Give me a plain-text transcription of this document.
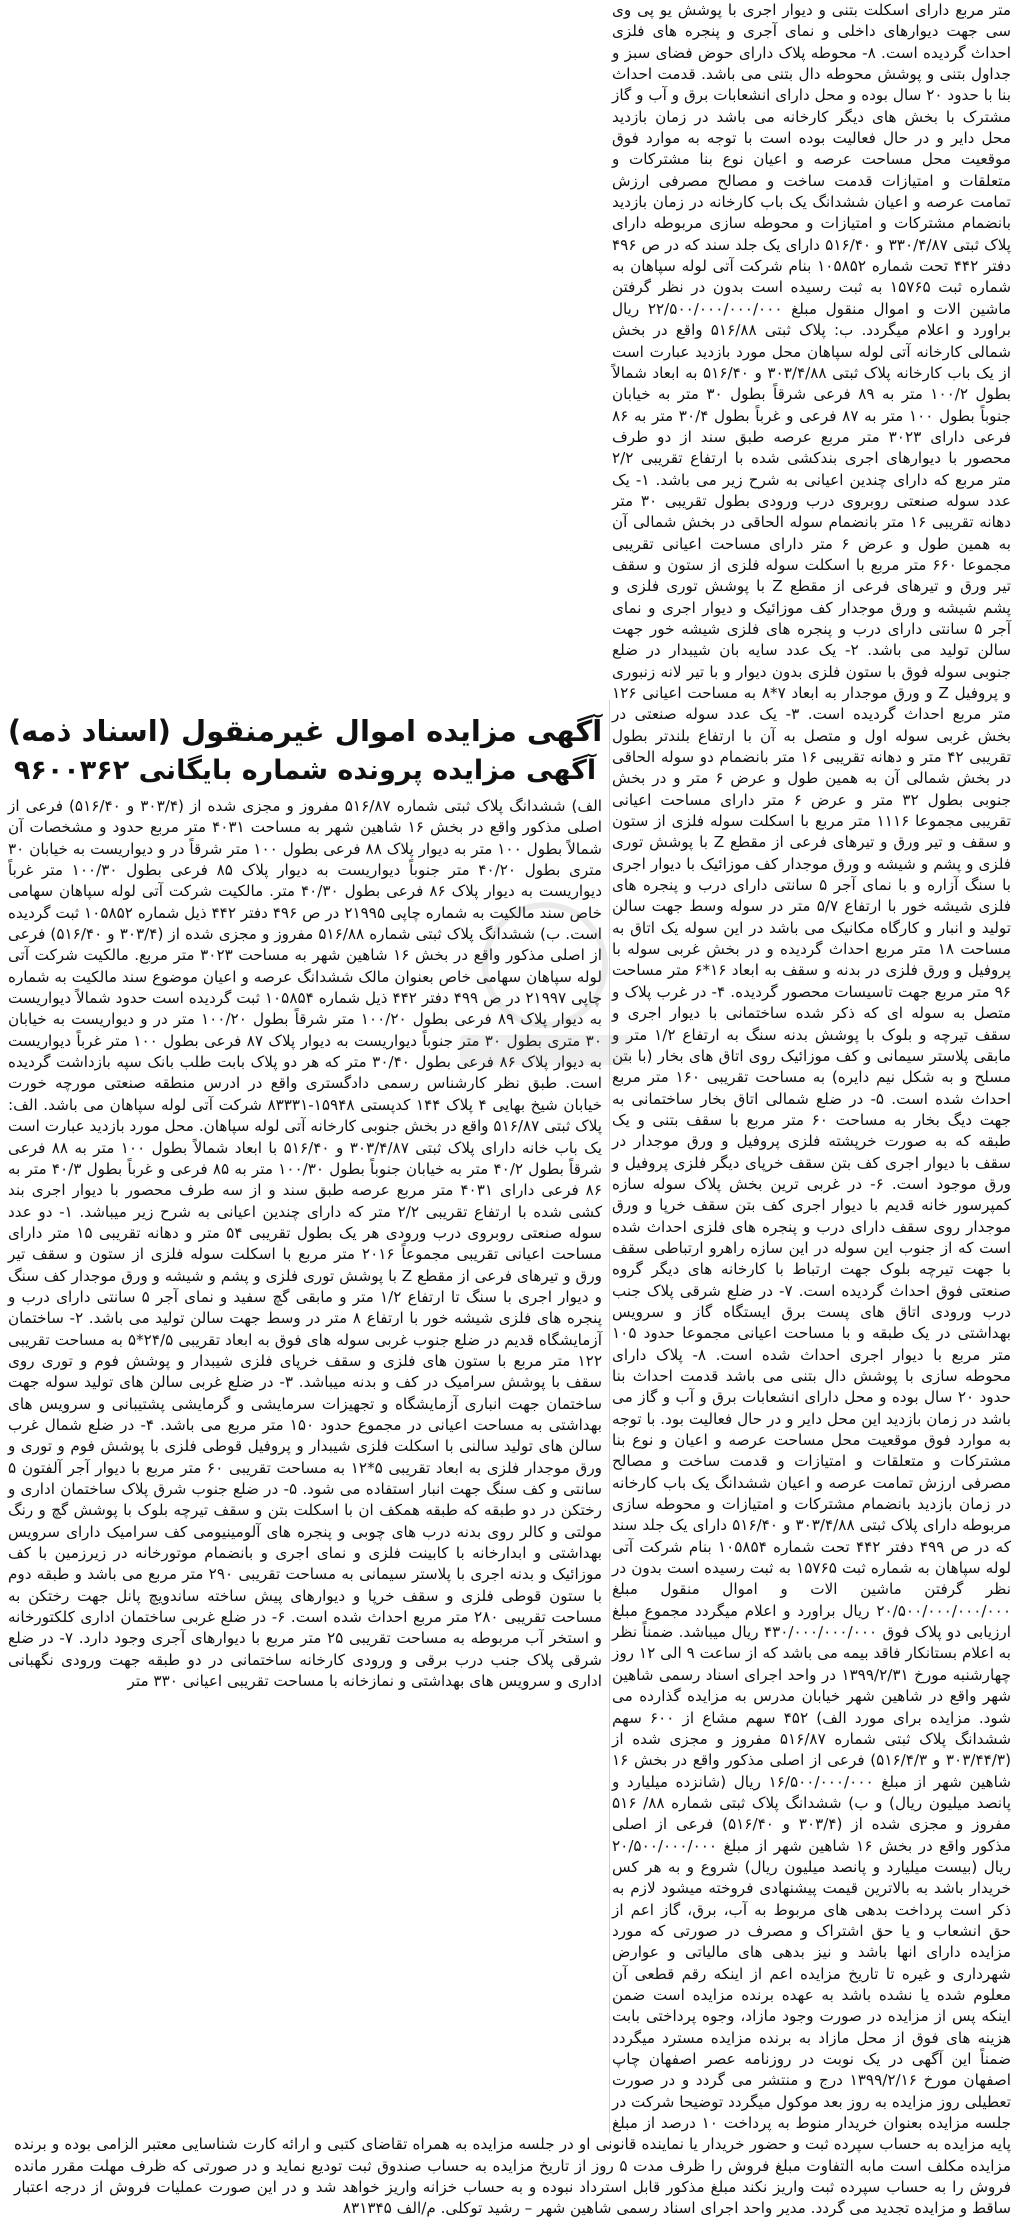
متر مربع دارای اسکلت بتنی و دیوار اجری با پوشش یو پی وی سی جهت دیوارهای داخلی و نمای آجری و پنجره های فلزی احداث گردیده است. ۸- محوطه پلاک دارای حوض فضای سبز و جداول بتنی و پوشش محوطه دال بتنی می باشد. قدمت احداث بنا با حدود ۲۰ سال بوده و محل دارای انشعابات برق و آب و گاز مشترک با بخش های دیگر کارخانه می باشد در زمان بازدید محل دایر و در حال فعالیت بوده است با توجه به موارد فوق موقعیت محل مساحت عرصه و اعیان نوع بنا مشترکات و متعلقات و امتیازات قدمت ساخت و مصالح مصرفی ارزش تمامت عرصه و اعیان ششدانگ یک باب کارخانه در زمان بازدید بانضمام مشترکات و امتیازات و محوطه سازی مربوطه دارای پلاک ثبتی ۳۳۰/۴/۸۷ و ۵۱۶/۴۰ دارای یک جلد سند که در ص ۴۹۶ دفتر ۴۴۲ تحت شماره ۱۰۵۸۵۲ بنام شرکت آتی لوله سپاهان به شماره ثبت ۱۵۷۶۵ به ثبت رسیده است بدون در نظر گرفتن ماشین الات و اموال منقول مبلغ ۲۲/۵۰۰/۰۰۰/۰۰۰/۰۰۰ ریال براورد و اعلام میگردد. ب: پلاک ثبتی ۵۱۶/۸۸ واقع در بخش شمالی کارخانه آتی لوله سپاهان محل مورد بازدید عبارت است از یک باب کارخانه پلاک ثبتی ۳۰۳/۴/۸۸ و ۵۱۶/۴۰ به ابعاد شمالاً بطول ۱۰۰/۲ متر به ۸۹ فرعی شرقاً بطول ۳۰ متر به خیابان جنوباً بطول ۱۰۰ متر به ۸۷ فرعی و غرباً بطول ۳۰/۴ متر به ۸۶ فرعی دارای ۳۰۲۳ متر مربع عرصه طبق سند از دو طرف محصور با دیوارهای اجری بندکشی شده با ارتفاع تقریبی ۲/۲ متر مربع که دارای چندین اعیانی به شرح زیر می باشد. ۱- یک عدد سوله صنعتی روبروی درب ورودی بطول تقریبی ۳۰ متر دهانه تقریبی ۱۶ متر بانضمام سوله الحاقی در بخش شمالی آن به همین طول و عرض ۶ متر دارای مساحت اعیانی تقریبی مجموعا ۶۶۰ متر مربع با اسکلت سوله فلزی از ستون و سقف تیر ورق و تیرهای فرعی از مقطع Z با پوشش توری فلزی و پشم شیشه و ورق موجدار کف موزائیک و دیوار اجری و نمای آجر ۵ سانتی دارای درب و پنجره های فلزی شیشه خور جهت سالن تولید می باشد. ۲- یک عدد سایه بان شیبدار در ضلع جنوبی سوله فوق با ستون فلزی بدون دیوار و با تیر لانه زنبوری و پروفیل Z و ورق موجدار به ابعاد ۷*۸ به مساحت اعیانی ۱۲۶ متر مربع احداث گردیده است. ۳- یک عدد سوله صنعتی در بخش غربی سوله اول و متصل به آن با ارتفاع بلندتر بطول تقریبی ۴۲ متر و دهانه تقریبی ۱۶ متر بانضمام دو سوله الحاقی در بخش شمالی آن به همین طول و عرض ۶ متر و در بخش جنوبی بطول ۳۲ متر و عرض ۶ متر دارای مساحت اعیانی تقریبی مجموعا ۱۱۱۶ متر مربع با اسکلت سوله فلزی از ستون و سقف و تیر ورق و تیرهای فرعی از مقطع Z با پوشش توری فلزی و پشم و شیشه و ورق موجدار کف موزائیک با دیوار اجری با سنگ آزاره و با نمای آجر ۵ سانتی دارای درب و پنجره های فلزی شیشه خور با ارتفاع ۵/۷ متر در سوله وسط جهت سالن تولید و انبار و کارگاه مکانیک می باشد در این سوله یک اتاق به مساحت ۱۸ متر مربع احداث گردیده و در بخش غربی سوله با پروفیل و ورق فلزی در بدنه و سقف به ابعاد ۱۶*۶ متر مساحت ۹۶ متر مربع جهت تاسیسات محصور گردیده. ۴- در غرب پلاک و متصل به سوله ای که ذکر شده ساختمانی با دیوار اجری و سقف تیرچه و بلوک با پوشش بدنه سنگ به ارتفاع ۱/۲ متر و مابقی پلاستر سیمانی و کف موزائیک روی اتاق های بخار (با بتن مسلح و به شکل نیم دایره) به مساحت تقریبی ۱۶۰ متر مربع احداث شده است. ۵- در ضلع شمالی اتاق بخار ساختمانی به جهت دیگ بخار به مساحت ۶۰ متر مربع با سقف بتنی و یک طبقه که به صورت خرپشته فلزی پروفیل و ورق موجدار در سقف با دیوار اجری کف بتن سقف خرپای دیگر فلزی پروفیل و ورق موجود است. ۶- در غربی ترین بخش پلاک سوله سازه کمپرسور خانه قدیم با دیوار اجری کف بتن سقف خرپا و ورق موجدار روی سقف دارای درب و پنجره های فلزی احداث شده است که از جنوب این سوله در این سازه راهرو ارتباطی سقف با جهت تیرچه بلوک جهت ارتباط با کارخانه های دیگر گروه صنعتی فوق احداث گردیده است. ۷- در ضلع شرقی پلاک جنب درب ورودی اتاق های پست برق ایستگاه گاز و سرویس بهداشتی در یک طبقه و با مساحت اعیانی مجموعا حدود ۱۰۵ متر مربع با دیوار اجری احداث شده است. ۸- پلاک دارای محوطه سازی با پوشش دال بتنی می باشد قدمت احداث بنا حدود ۲۰ سال بوده و محل دارای انشعابات برق و آب و گاز می باشد در زمان بازدید این محل دایر و در حال فعالیت بود. با توجه به موارد فوق موقعیت محل مساحت عرصه و اعیان و نوع بنا مشترکات و متعلقات و امتیازات و قدمت ساخت و مصالح مصرفی ارزش تمامت عرصه و اعیان ششدانگ یک باب کارخانه در زمان بازدید بانضمام مشترکات و امتیازات و محوطه سازی مربوطه دارای پلاک ثبتی ۳۰۳/۴/۸۸ و ۵۱۶/۴۰ دارای یک جلد سند که در ص ۴۹۹ دفتر ۴۴۲ تحت شماره ۱۰۵۸۵۴ بنام شرکت آتی لوله سپاهان به شماره ثبت ۱۵۷۶۵ به ثبت رسیده است بدون در نظر گرفتن ماشین الات و اموال منقول مبلغ ۲۰/۵۰۰/۰۰۰/۰۰۰/۰۰۰ ریال براورد و اعلام میگردد مجموع مبلغ ارزیابی دو پلاک فوق ۴۳۰/۰۰۰/۰۰۰/۰۰۰ ریال میباشد. ضمناً نظر به اعلام بستانکار فاقد بیمه می باشد که از ساعت ۹ الی ۱۲ روز چهارشنبه مورخ ۱۳۹۹/۲/۳۱ در واحد اجرای اسناد رسمی شاهین شهر واقع در شاهین شهر خیابان مدرس به مزایده گذارده می شود. مزایده برای مورد الف) ۴۵۲ سهم مشاع از ۶۰۰ سهم ششدانگ پلاک ثبتی شماره ۵۱۶/۸۷ مفروز و مجزی شده از (۳۰۳/۴۴/۳ و ۵۱۶/۴/۳) فرعی از اصلی مذکور واقع در بخش ۱۶ شاهین شهر از مبلغ ۱۶/۵۰۰/۰۰۰/۰۰۰ ریال (شانزده میلیارد و پانصد میلیون ریال) و ب) ششدانگ پلاک ثبتی شماره ۸۸/ ۵۱۶ مفروز و مجزی شده از (۳۰۳/۴ و ۵۱۶/۴۰) فرعی از اصلی مذکور واقع در بخش ۱۶ شاهین شهر از مبلغ ۲۰/۵۰۰/۰۰۰/۰۰۰ ریال (بیست میلیارد و پانصد میلیون ریال) شروع و به هر کس خریدار باشد به بالاترین قیمت پیشنهادی فروخته میشود لازم به ذکر است پرداخت بدهی های مربوط به آب، برق، گاز اعم از حق انشعاب و یا حق اشتراک و مصرف در صورتی که مورد مزایده دارای انها باشد و نیز بدهی های مالیاتی و عوارض شهرداری و غیره تا تاریخ مزایده اعم از اینکه رقم قطعی آن معلوم شده یا نشده باشد به عهده برنده مزایده است ضمن اینکه پس از مزایده در صورت وجود مازاد، وجوه پرداختی بابت هزینه های فوق از محل مازاد به برنده مزایده مسترد میگردد ضمناً این آگهی در یک نوبت در روزنامه عصر اصفهان چاپ اصفهان مورخ ۱۳۹۹/۲/۱۶ درج و منتشر می گردد و در صورت تعطیلی روز مزایده به روز بعد موکول میگردد توضیحا شرکت در جلسه مزایده بعنوان خریدار منوط به پرداخت ۱۰ درصد از مبلغ پایه مزایده به حساب سپرده ثبت و حضور خریدار یا نماینده قانونی او در جلسه مزایده به همراه تقاضای کتبی و ارائه کارت شناسایی معتبر الزامی بوده و برنده مزایده مکلف است مابه التفاوت مبلغ فروش را ظرف مدت ۵ روز از تاریخ مزایده به حساب صندوق ثبت تودیع نماید و در صورتی که ظرف مهلت مقرر مانده فروش را به حساب سپرده ثبت واریز نکند مبلغ مذکور قابل استرداد نبوده و به حساب خزانه واریز خواهد شد و در این صورت عملیات فروش از درجه اعتبار ساقط و مزایده تجدید می گردد. مدیر واحد اجرای اسناد رسمی شاهین شهر – رشید توکلی. م/الف ۸۳۱۳۴۵

آگهی مزایده اموال غیرمنقول (اسناد ذمه)
آگهی مزایده پرونده شماره بایگانی ۹۶۰۰۳۶۲

الف) ششدانگ پلاک ثبتی شماره ۵۱۶/۸۷ مفروز و مجزی شده از (۳۰۳/۴ و ۵۱۶/۴۰) فرعی از اصلی مذکور واقع در بخش ۱۶ شاهین شهر به مساحت ۴۰۳۱ متر مربع حدود و مشخصات آن شمالاً بطول ۱۰۰ متر به دیوار پلاک ۸۸ فرعی بطول ۱۰۰ متر شرقاً در و دیواریست به خیابان ۳۰ متری بطول ۴۰/۲۰ متر جنوباً دیواریست به دیوار پلاک ۸۵ فرعی بطول ۱۰۰/۳۰ متر غرباً دیواریست به دیوار پلاک ۸۶ فرعی بطول ۴۰/۳۰ متر. مالکیت شرکت آتی لوله سپاهان سهامی خاص سند مالکیت به شماره چاپی ۲۱۹۹۵ در ص ۴۹۶ دفتر ۴۴۲ ذیل شماره ۱۰۵۸۵۲ ثبت گردیده است. ب) ششدانگ پلاک ثبتی شماره ۵۱۶/۸۸ مفروز و مجزی شده از (۳۰۳/۴ و ۵۱۶/۴۰) فرعی از اصلی مذکور واقع در بخش ۱۶ شاهین شهر به مساحت ۳۰۲۳ متر مربع. مالکیت شرکت آتی لوله سپاهان سهامی خاص بعنوان مالک ششدانگ عرصه و اعیان موضوع سند مالکیت به شماره چاپی ۲۱۹۹۷ در ص ۴۹۹ دفتر ۴۴۲ ذیل شماره ۱۰۵۸۵۴ ثبت گردیده است حدود شمالاً دیواریست به دیوار پلاک ۸۹ فرعی بطول ۱۰۰/۲۰ متر شرقاً بطول ۱۰۰/۲۰ متر در و دیواریست به خیابان ۳۰ متری بطول ۳۰ متر جنوباً دیواریست به دیوار پلاک ۸۷ فرعی بطول ۱۰۰ متر غرباً دیواریست به دیوار پلاک ۸۶ فرعی بطول ۳۰/۴۰ متر که هر دو پلاک بابت طلب بانک سپه بازداشت گردیده است. طبق نظر کارشناس رسمی دادگستری واقع در ادرس منطقه صنعتی مورچه خورت خیابان شیخ بهایی ۴ پلاک ۱۴۴ کدپستی ۱۵۹۴۸-۸۳۳۳۱ شرکت آتی لوله سپاهان می باشد. الف: پلاک ثبتی ۵۱۶/۸۷ واقع در بخش جنوبی کارخانه آتی لوله سپاهان. محل مورد بازدید عبارت است یک باب خانه دارای پلاک ثبتی ۳۰۳/۴/۸۷ و ۵۱۶/۴۰ با ابعاد شمالاً بطول ۱۰۰ متر به ۸۸ فرعی شرقاً بطول ۴۰/۲ متر به خیابان جنوباً بطول ۱۰۰/۳۰ متر به ۸۵ فرعی و غرباً بطول ۴۰/۳ متر به ۸۶ فرعی دارای ۴۰۳۱ متر مربع عرصه طبق سند و از سه طرف محصور با دیوار اجری بند کشی شده با ارتفاع تقریبی ۲/۲ متر که دارای چندین اعیانی به شرح زیر میباشد. ۱- دو عدد سوله صنعتی روبروی درب ورودی هر یک بطول تقریبی ۵۴ متر و دهانه تقریبی ۱۵ متر دارای مساحت اعیانی تقریبی مجموعاً ۲۰۱۶ متر مربع با اسکلت سوله فلزی از ستون و سقف تیر ورق و تیرهای فرعی از مقطع Z با پوشش توری فلزی و پشم و شیشه و ورق موجدار کف سنگ و دیوار اجری با سنگ تا ارتفاع ۱/۲ متر و مابقی گچ سفید و نمای آجر ۵ سانتی دارای درب و پنجره های فلزی شیشه خور با ارتفاع ۸ متر در وسط جهت سالن تولید می باشد. ۲- ساختمان آزمایشگاه قدیم در ضلع جنوب غربی سوله های فوق به ابعاد تقریبی ۲۴/۵*۵ به مساحت تقریبی ۱۲۲ متر مربع با ستون های فلزی و سقف خرپای فلزی شیبدار و پوشش فوم و توری روی سقف با پوشش سرامیک در کف و بدنه میباشد. ۳- در ضلع غربی سالن های تولید سوله جهت ساختمان جهت انباری آزمایشگاه و تجهیزات سرمایشی و گرمایشی پشتیبانی و سرویس های بهداشتی به مساحت اعیانی در مجموع حدود ۱۵۰ متر مربع می باشد. ۴- در ضلع شمال غرب سالن های تولید سالنی با اسکلت فلزی شیبدار و پروفیل قوطی فلزی با پوشش فوم و توری و ورق موجدار فلزی به ابعاد تقریبی ۵*۱۲ به مساحت تقریبی ۶۰ متر مربع با دیوار آجر آلفتون ۵ سانتی و کف سنگ جهت انبار استفاده می شود. ۵- در ضلع جنوب شرق پلاک ساختمان اداری و رختکن در دو طبقه که طبقه همکف ان با اسکلت بتن و سقف تیرچه بلوک با پوشش گچ و رنگ مولتی و کالر روی بدنه درب های چوبی و پنجره های آلومینیومی کف سرامیک دارای سرویس بهداشتی و ابدارخانه با کابینت فلزی و نمای اجری و بانضمام موتورخانه در زیرزمین با کف موزائیک و بدنه اجری با پلاستر سیمانی به مساحت تقریبی ۲۹۰ متر مربع می باشد و طبقه دوم با ستون قوطی فلزی و سقف خرپا و دیوارهای پیش ساخته ساندویچ پانل جهت رختکن به مساحت تقریبی ۲۸۰ متر مربع احداث شده است. ۶- در ضلع غربی ساختمان اداری کلکتورخانه و استخر آب مربوطه به مساحت تقریبی ۲۵ متر مربع با دیوارهای آجری وجود دارد. ۷- در ضلع شرقی پلاک جنب درب برقی و ورودی کارخانه ساختمانی در دو طبقه جهت ورودی نگهبانی اداری و سرویس های بهداشتی و نمازخانه با مساحت تقریبی اعیانی ۳۳۰ متر
